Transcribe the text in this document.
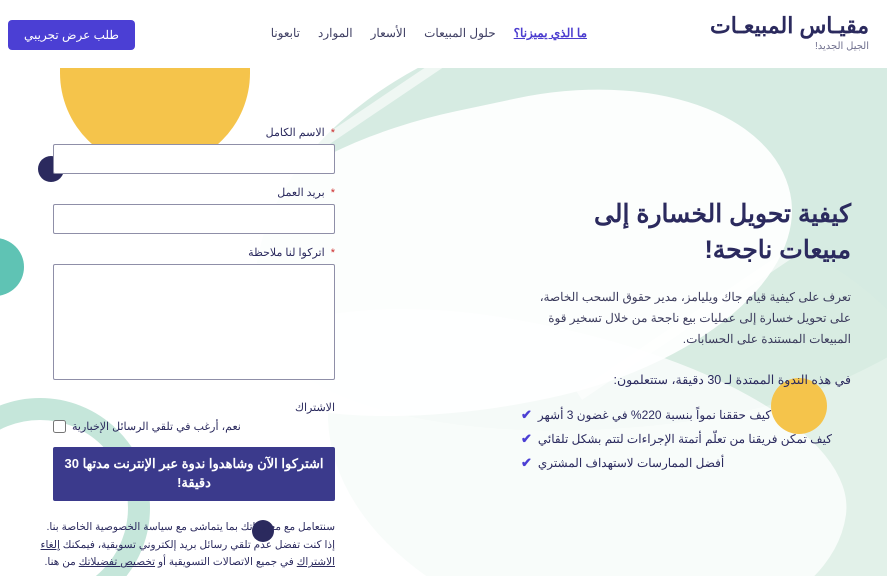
مقيـاس المبيعـات
الجيل الجديد!
ما الذي يميزنا؟
حلول المبيعات
الأسعار
الموارد
تابعونا
طلب عرض تجريبي
كيفية تحويل الخسارة إلى مبيعات ناجحة!
تعرف على كيفية قيام جاك ويليامز، مدير حقوق السحب الخاصة، على تحويل خسارة إلى عمليات بيع ناجحة من خلال تسخير قوة المبيعات المستندة على الحسابات.
في هذه الندوة الممتدة لـ 30 دقيقة، ستتعلمون:
✔ كيف حققنا نمواً بنسبة 220% في غضون 3 أشهر
✔ كيف تمكن فريقنا من تعلّم أتمتة الإجراءات لتتم بشكل تلقائي
✔ أفضل الممارسات لاستهداف المشتري
* الاسم الكامل
* بريد العمل
* اتركوا لنا ملاحظة
الاشتراك
نعم، أرغب في تلقي الرسائل الإخبارية
اشتركوا الآن وشاهدوا ندوة عبر الإنترنت مدتها 30 دقيقة!
سنتعامل مع معلوماتك بما يتماشى مع سياسة الخصوصية الخاصة بنا. إذا كنت تفضل عدم تلقي رسائل بريد إلكتروني تسويقية، فيمكنك إلغاء الاشتراك في جميع الاتصالات التسويقية أو تخصيص تفضيلاتك من هنا.
